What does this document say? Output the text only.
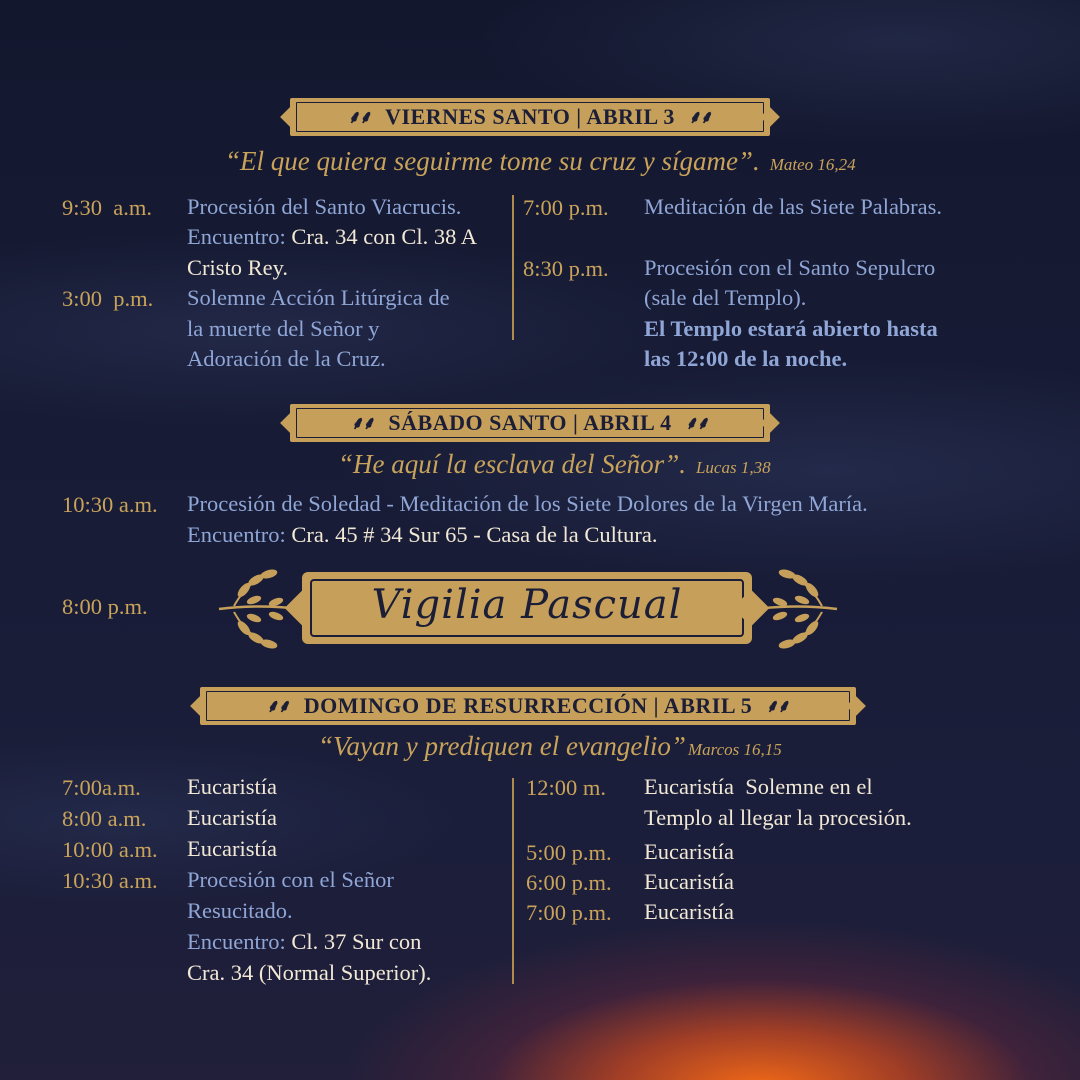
⸙⸙ VIERNES SANTO | ABRIL 3 ⸙⸙
“El que quiera seguirme tome su cruz y sígame”. Mateo 16,24
9:30  a.m. Procesión del Santo Viacrucis.
Encuentro: Cra. 34 con Cl. 38 A
Cristo Rey.
3:00  p.m. Solemne Acción Litúrgica de
la muerte del Señor y
Adoración de la Cruz.
7:00 p.m. Meditación de las Siete Palabras.
8:30 p.m. Procesión con el Santo Sepulcro
(sale del Templo).
El Templo estará abierto hasta
las 12:00 de la noche.
⸙⸙ SÁBADO SANTO | ABRIL 4 ⸙⸙
“He aquí la esclava del Señor”. Lucas 1,38
10:30 a.m. Procesión de Soledad - Meditación de los Siete Dolores de la Virgen María.
Encuentro: Cra. 45 # 34 Sur 65 - Casa de la Cultura.
8:00 p.m.	Vigilia Pascual
⸙⸙ DOMINGO DE RESURRECCIÓN | ABRIL 5 ⸙⸙
“Vayan y prediquen el evangelio” Marcos 16,15
7:00a.m. Eucaristía
8:00 a.m. Eucaristía
10:00 a.m. Eucaristía
10:30 a.m. Procesión con el Señor
Resucitado.
Encuentro: Cl. 37 Sur con
Cra. 34 (Normal Superior).
12:00 m. Eucaristía  Solemne en el
Templo al llegar la procesión.
5:00 p.m. Eucaristía
6:00 p.m. Eucaristía
7:00 p.m. Eucaristía
